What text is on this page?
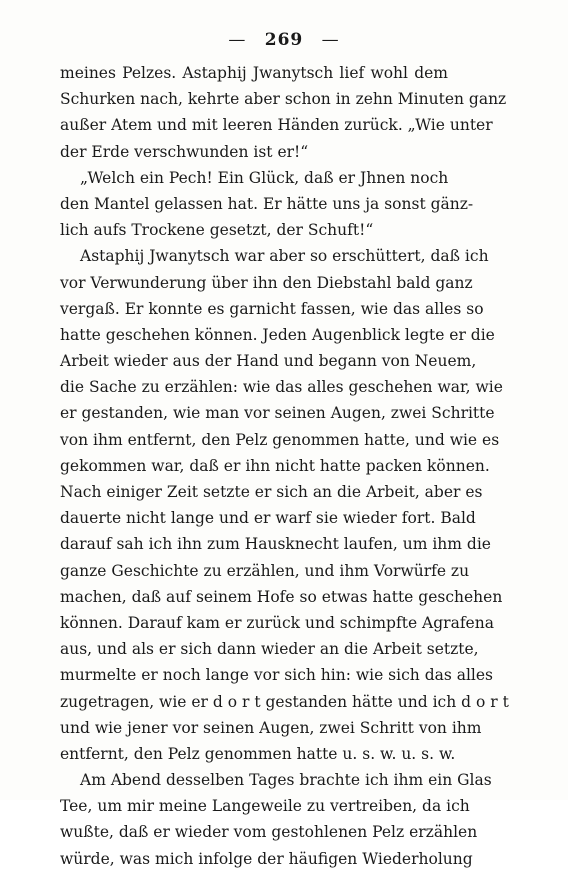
— 269 —
meines Pelzes. Astaphij Jwanytsch lief wohl dem
Schurken nach, kehrte aber schon in zehn Minuten ganz
außer Atem und mit leeren Händen zurück. „Wie unter
der Erde verschwunden ist er!“
„Welch ein Pech! Ein Glück, daß er Jhnen noch
den Mantel gelassen hat. Er hätte uns ja sonst gänz-
lich aufs Trockene gesetzt, der Schuft!“
Astaphij Jwanytsch war aber so erschüttert, daß ich
vor Verwunderung über ihn den Diebstahl bald ganz
vergaß. Er konnte es garnicht fassen, wie das alles so
hatte geschehen können. Jeden Augenblick legte er die
Arbeit wieder aus der Hand und begann von Neuem,
die Sache zu erzählen: wie das alles geschehen war, wie
er gestanden, wie man vor seinen Augen, zwei Schritte
von ihm entfernt, den Pelz genommen hatte, und wie es
gekommen war, daß er ihn nicht hatte packen können.
Nach einiger Zeit setzte er sich an die Arbeit, aber es
dauerte nicht lange und er warf sie wieder fort. Bald
darauf sah ich ihn zum Hausknecht laufen, um ihm die
ganze Geschichte zu erzählen, und ihm Vorwürfe zu
machen, daß auf seinem Hofe so etwas hatte geschehen
können. Darauf kam er zurück und schimpfte Agrafena
aus, und als er sich dann wieder an die Arbeit setzte,
murmelte er noch lange vor sich hin: wie sich das alles
zugetragen, wie er d o r t gestanden hätte und ich d o r t
und wie jener vor seinen Augen, zwei Schritt von ihm
entfernt, den Pelz genommen hatte u. s. w. u. s. w.
Am Abend desselben Tages brachte ich ihm ein Glas
Tee, um mir meine Langeweile zu vertreiben, da ich
wußte, daß er wieder vom gestohlenen Pelz erzählen
würde, was mich infolge der häufigen Wiederholung
